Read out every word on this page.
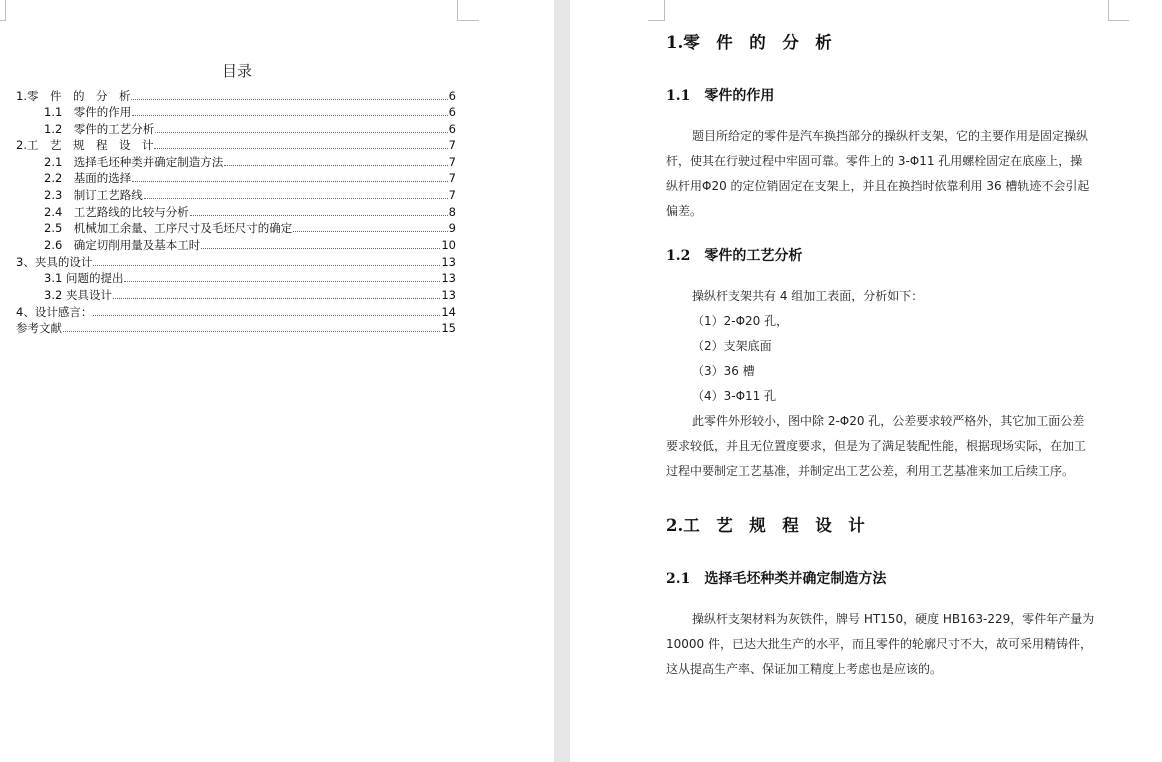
目录
1.零　件　的　分　析	6
1.1　零件的作用	6
1.2　零件的工艺分析	6
2.工　艺　规　程　设　计	7
2.1　选择毛坯种类并确定制造方法	7
2.2　基面的选择	7
2.3　制订工艺路线	7
2.4　工艺路线的比较与分析	8
2.5　机械加工余量、工序尺寸及毛坯尺寸的确定	9
2.6　确定切削用量及基本工时	10
3、夹具的设计	13
3.1 问题的提出	13
3.2 夹具设计	13
4、设计感言：	14
参考文献	15
1.零　件　的　分　析
1.1　零件的作用
题目所给定的零件是汽车换挡部分的操纵杆支架，它的主要作用是固定操纵
杆，使其在行驶过程中牢固可靠。零件上的 3-Φ11 孔用螺栓固定在底座上，操
纵杆用Φ20 的定位销固定在支架上，并且在换挡时依靠利用 36 槽轨迹不会引起
偏差。
1.2　零件的工艺分析
操纵杆支架共有 4 组加工表面，分析如下：
（1）2-Φ20 孔，
（2）支架底面
（3）36 槽
（4）3-Φ11 孔
此零件外形较小，图中除 2-Φ20 孔，公差要求较严格外，其它加工面公差
要求较低，并且无位置度要求，但是为了满足装配性能，根据现场实际，在加工
过程中要制定工艺基准，并制定出工艺公差，利用工艺基准来加工后续工序。
2.工　艺　规　程　设　计
2.1　选择毛坯种类并确定制造方法
操纵杆支架材料为灰铁件，牌号 HT150，硬度 HB163-229，零件年产量为
10000 件，已达大批生产的水平，而且零件的轮廓尺寸不大，故可采用精铸件，
这从提高生产率、保证加工精度上考虑也是应该的。
